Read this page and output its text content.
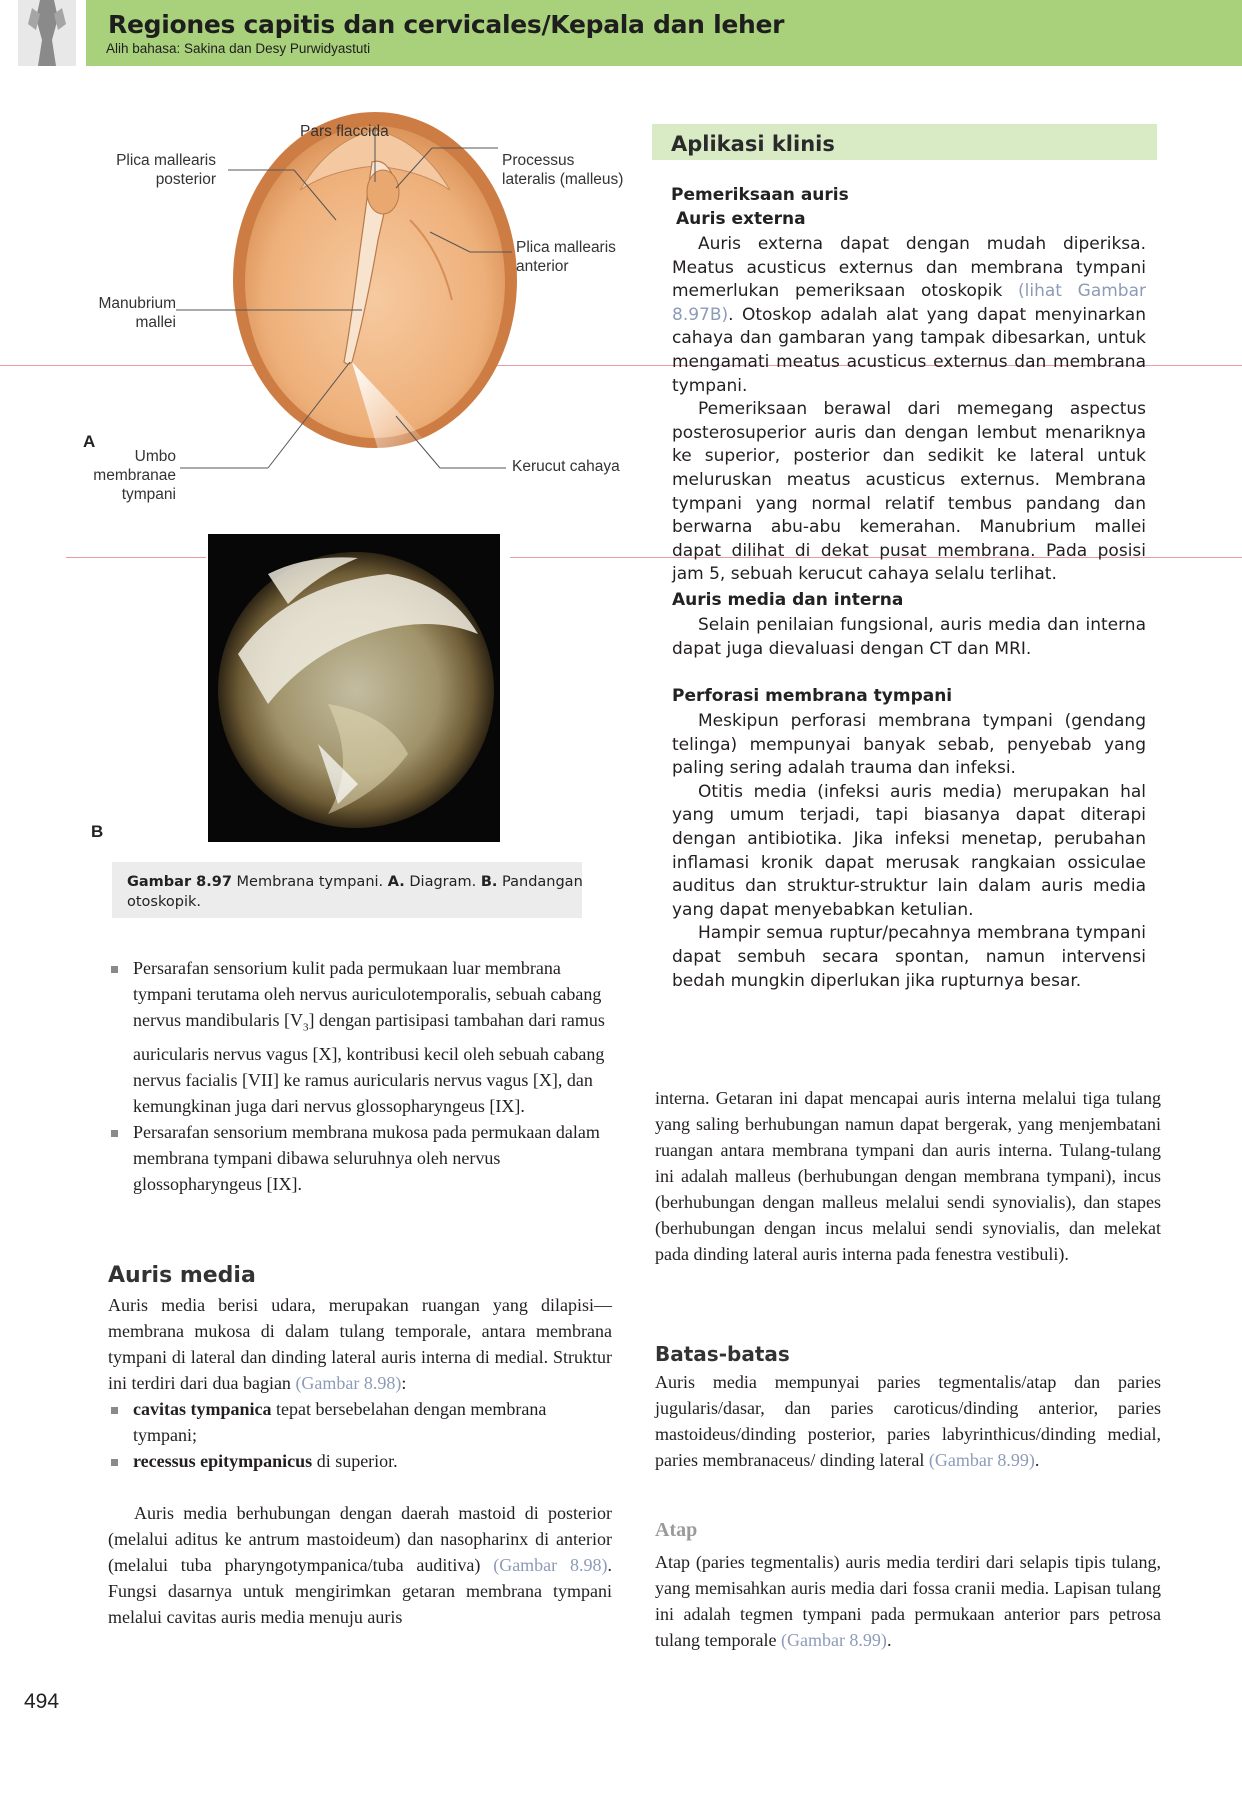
Regiones capitis dan cervicales/Kepala dan leher
Alih bahasa: Sakina dan Desy Purwidyastuti
Pars flaccida
Plica mallearis
posterior
Processus
lateralis (malleus)
Plica mallearis
anterior
Manubrium
mallei
A
Umbo
membranae
tympani
Kerucut cahaya
B
Gambar 8.97 Membrana tympani. A. Diagram. B. Pandangan otoskopik.
Aplikasi klinis
Pemeriksaan auris
Auris externa

Auris externa dapat dengan mudah diperiksa. Meatus acusticus externus dan membrana tympani memerlukan pemeriksaan otoskopik (lihat Gambar 8.97B). Otoskop adalah alat yang dapat menyinarkan cahaya dan gambaran yang tampak dibesarkan, untuk mengamati meatus acusticus externus dan membrana tympani.

Pemeriksaan berawal dari memegang aspectus posterosuperior auris dan dengan lembut menariknya ke superior, posterior dan sedikit ke lateral untuk meluruskan meatus acusticus externus. Membrana tympani yang normal relatif tembus pandang dan berwarna abu-abu kemerahan. Manubrium mallei dapat dilihat di dekat pusat membrana. Pada posisi jam 5, sebuah kerucut cahaya selalu terlihat.

Auris media dan interna

Selain penilaian fungsional, auris media dan interna dapat juga dievaluasi dengan CT dan MRI.

Perforasi membrana tympani

Meskipun perforasi membrana tympani (gendang telinga) mempunyai banyak sebab, penyebab yang paling sering adalah trauma dan infeksi.

Otitis media (infeksi auris media) merupakan hal yang umum terjadi, tapi biasanya dapat diterapi dengan antibiotika. Jika infeksi menetap, perubahan inflamasi kronik dapat merusak rangkaian ossiculae auditus dan struktur-struktur lain dalam auris media yang dapat menyebabkan ketulian.

Hampir semua ruptur/pecahnya membrana tympani dapat sembuh secara spontan, namun intervensi bedah mungkin diperlukan jika rupturnya besar.

Persarafan sensorium kulit pada permukaan luar membrana tympani terutama oleh nervus auriculotemporalis, sebuah cabang nervus mandibularis $[V_3]$ dengan partisipasi tambahan dari ramus auricularis nervus vagus [X], kontribusi kecil oleh sebuah cabang nervus facialis [VII] ke ramus auricularis nervus vagus [X], dan kemungkinan juga dari nervus glossopharyngeus [IX].
Persarafan sensorium membrana mukosa pada permukaan dalam membrana tympani dibawa seluruhnya oleh nervus glossopharyngeus [IX].
Auris media

Auris media berisi udara, merupakan ruangan yang dilapisi—membrana mukosa di dalam tulang temporale, antara membrana tympani di lateral dan dinding lateral auris interna di medial. Struktur ini terdiri dari dua bagian (Gambar 8.98):

cavitas tympanica tepat bersebelahan dengan membrana tympani;
recessus epitympanicus di superior.

Auris media berhubungan dengan daerah mastoid di posterior (melalui aditus ke antrum mastoideum) dan nasopharinx di anterior (melalui tuba pharyngotympanica/tuba auditiva) (Gambar 8.98). Fungsi dasarnya untuk mengirimkan getaran membrana tympani melalui cavitas auris media menuju auris

interna. Getaran ini dapat mencapai auris interna melalui tiga tulang yang saling berhubungan namun dapat bergerak, yang menjembatani ruangan antara membrana tympani dan auris interna. Tulang-tulang ini adalah malleus (berhubungan dengan membrana tympani), incus (berhubungan dengan malleus melalui sendi synovialis), dan stapes (berhubungan dengan incus melalui sendi synovialis, dan melekat pada dinding lateral auris interna pada fenestra vestibuli).

Batas-batas

Auris media mempunyai paries tegmentalis/atap dan paries jugularis/dasar, dan paries caroticus/dinding anterior, paries mastoideus/dinding posterior, paries labyrinthicus/dinding medial, paries membranaceus/ dinding lateral (Gambar 8.99).

Atap

Atap (paries tegmentalis) auris media terdiri dari selapis tipis tulang, yang memisahkan auris media dari fossa cranii media. Lapisan tulang ini adalah tegmen tympani pada permukaan anterior pars petrosa tulang temporale (Gambar 8.99).

494
